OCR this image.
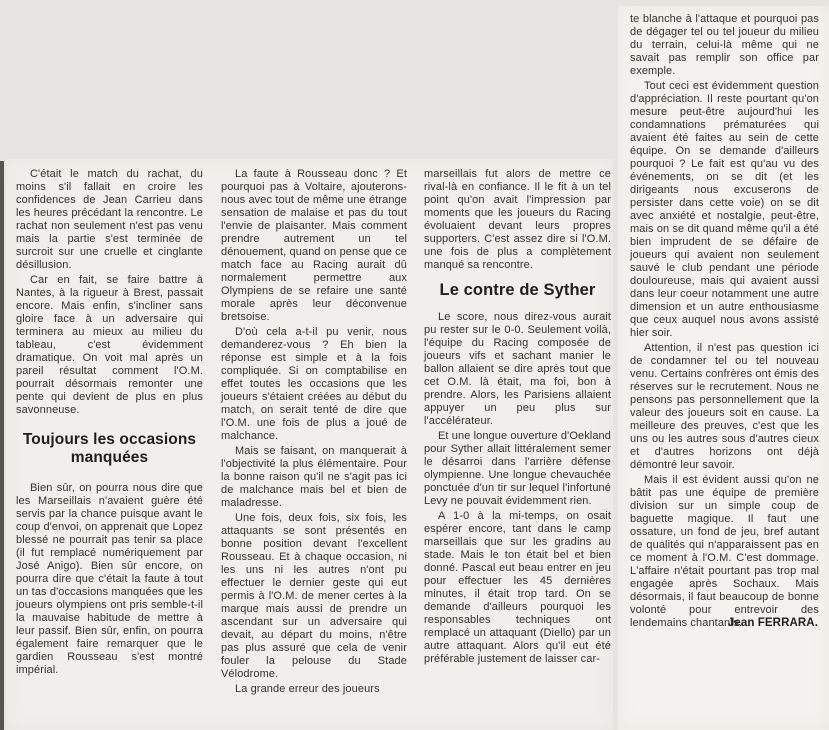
C'était le match du rachat, du moins s'il fallait en croire les confidences de Jean Carrieu dans les heures précédant la rencontre. Le rachat non seulement n'est pas venu mais la partie s'est terminée de surcroit sur une cruelle et cinglante désillusion.

Car en fait, se faire battre à Nantes, à la rigueur à Brest, passait encore. Mais enfin, s'incliner sans gloire face à un adversaire qui terminera au mieux au milieu du tableau, c'est évidemment dramatique. On voit mal après un pareil résultat comment l'O.M. pourrait désormais remonter une pente qui devient de plus en plus savonneuse.

Toujours les occasions manquées

Bien sûr, on pourra nous dire que les Marseillais n'avaient guère été servis par la chance puisque avant le coup d'envoi, on apprenait que Lopez blessé ne pourrait pas tenir sa place (il fut remplacé numériquement par José Anigo). Bien sûr encore, on pourra dire que c'était la faute à tout un tas d'occasions manquées que les joueurs olympiens ont pris semble-t-il la mauvaise habitude de mettre à leur passif. Bien sûr, enfin, on pourra également faire remarquer que le gardien Rousseau s'est montré impérial.

La faute à Rousseau donc ? Et pourquoi pas à Voltaire, ajouterons-nous avec tout de même une étrange sensation de malaise et pas du tout l'envie de plaisanter. Mais comment prendre autrement un tel dénouement, quand on pense que ce match face au Racing aurait dû normalement permettre aux Olympiens de se refaire une santé morale après leur déconvenue bretsoise.

D'où cela a-t-il pu venir, nous demanderez-vous ? Eh bien la réponse est simple et à la fois compliquée. Si on comptabilise en effet toutes les occasions que les joueurs s'étaient créées au début du match, on serait tenté de dire que l'O.M. une fois de plus a joué de malchance.

Mais se faisant, on manquerait à l'objectivité la plus élémentaire. Pour la bonne raison qu'il ne s'agit pas ici de malchance mais bel et bien de maladresse.

Une fois, deux fois, six fois, les attaquants se sont présentés en bonne position devant l'excellent Rousseau. Et à chaque occasion, ni les uns ni les autres n'ont pu effectuer le dernier geste qui eut permis à l'O.M. de mener certes à la marque mais aussi de prendre un ascendant sur un adversaire qui devait, au départ du moins, n'être pas plus assuré que cela de venir fouler la pelouse du Stade Vélodrome.

La grande erreur des joueurs

marseillais fut alors de mettre ce rival-là en confiance. Il le fit à un tel point qu'on avait l'impression par moments que les joueurs du Racing évoluaient devant leurs propres supporters. C'est assez dire si l'O.M. une fois de plus a complètement manqué sa rencontre.

Le contre de Syther

Le score, nous direz-vous aurait pu rester sur le 0-0. Seulement voilà, l'équipe du Racing composée de joueurs vifs et sachant manier le ballon allaient se dire après tout que cet O.M. là était, ma foi, bon à prendre. Alors, les Parisiens allaient appuyer un peu plus sur l'accélérateur.

Et une longue ouverture d'Oekland pour Syther allait littéralement semer le désarroi dans l'arrière défense olympienne. Une longue chevauchée ponctuée d'un tir sur lequel l'infortuné Levy ne pouvait évidemment rien.

A 1-0 à la mi-temps, on osait espérer encore, tant dans le camp marseillais que sur les gradins au stade. Mais le ton était bel et bien donné. Pascal eut beau entrer en jeu pour effectuer les 45 dernières minutes, il était trop tard. On se demande d'ailleurs pourquoi les responsables techniques ont remplacé un attaquant (Diello) par un autre attaquant. Alors qu'il eut été préférable justement de laisser car-

te blanche à l'attaque et pourquoi pas de dégager tel ou tel joueur du milieu du terrain, celui-là même qui ne savait pas remplir son office par exemple.

Tout ceci est évidemment question d'appréciation. Il reste pourtant qu'on mesure peut-être aujourd'hui les condamnations prématurées qui avaient été faites au sein de cette équipe. On se demande d'ailleurs pourquoi ? Le fait est qu'au vu des événements, on se dit (et les dirigeants nous excuserons de persister dans cette voie) on se dit avec anxiété et nostalgie, peut-être, mais on se dit quand même qu'il a été bien imprudent de se défaire de joueurs qui avaient non seulement sauvé le club pendant une période douloureuse, mais qui avaient aussi dans leur coeur notamment une autre dimension et un autre enthousiasme que ceux auquel nous avons assisté hier soir.

Attention, il n'est pas question ici de condamner tel ou tel nouveau venu. Certains confrères ont émis des réserves sur le recrutement. Nous ne pensons pas personnellement que la valeur des joueurs soit en cause. La meilleure des preuves, c'est que les uns ou les autres sous d'autres cieux et d'autres horizons ont déjà démontré leur savoir.

Mais il est évident aussi qu'on ne bâtit pas une équipe de première division sur un simple coup de baguette magique. Il faut une ossature, un fond de jeu, bref autant de qualités qui n'apparaissent pas en ce moment à l'O.M. C'est dommage. L'affaire n'était pourtant pas trop mal engagée après Sochaux. Mais désormais, il faut beaucoup de bonne volonté pour entrevoir des lendemains chantants.

Jean FERRARA.
